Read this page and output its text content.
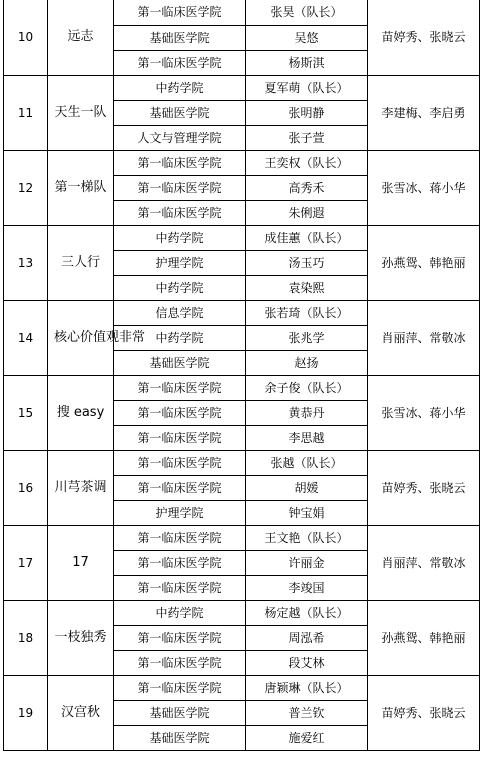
10	远志	第一临床医学院	张昊（队长）	苗婷秀、张晓云
		基础医学院	吴悠	
		第一临床医学院	杨斯淇	
11	天生一队	中药学院	夏军萌（队长）	李建梅、李启勇
		基础医学院	张明静	
		人文与管理学院	张子萱	
12	第一梯队	第一临床医学院	王奕权（队长）	张雪冰、蒋小华
		第一临床医学院	高秀禾	
		第一临床医学院	朱俐遐	
13	三人行	中药学院	成佳蕙（队长）	孙燕鸳、韩艳丽
		护理学院	汤玉巧	
		中药学院	袁染熙	
14	核心价值观非常	信息学院	张若琦（队长）	肖丽萍、常敬冰
		中药学院	张兆学	
		基础医学院	赵扬	
15	搜 easy	第一临床医学院	余子俊（队长）	张雪冰、蒋小华
		第一临床医学院	黄恭丹	
		第一临床医学院	李思越	
16	川芎茶调	第一临床医学院	张越（队长）	苗婷秀、张晓云
		第一临床医学院	胡媛	
		护理学院	钟宝娟	
17	17	第一临床医学院	王文艳（队长）	肖丽萍、常敬冰
		第一临床医学院	许丽金	
		第一临床医学院	李竣国	
18	一枝独秀	中药学院	杨定越（队长）	孙燕鸳、韩艳丽
		第一临床医学院	周泓希	
		第一临床医学院	段艾林	
19	汉宫秋	第一临床医学院	唐颖琳（队长）	苗婷秀、张晓云
		基础医学院	普兰钦	
		基础医学院	施爱红	
